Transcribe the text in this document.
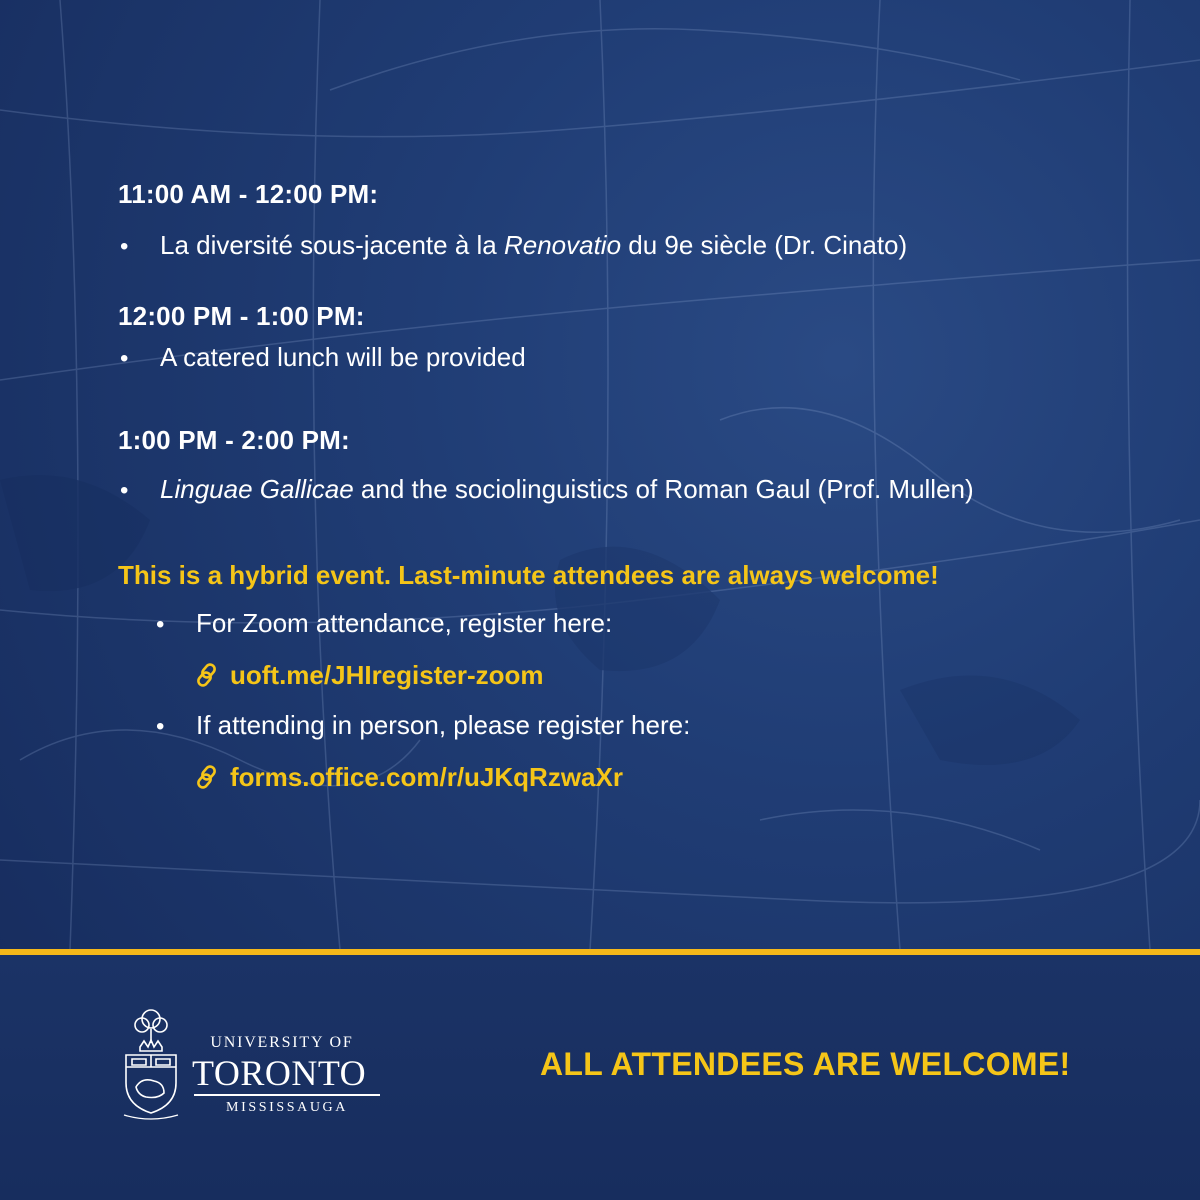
11:00 AM - 12:00 PM:
•	La diversité sous-jacente à la Renovatio du 9e siècle (Dr. Cinato)
12:00 PM - 1:00 PM:
•	A catered lunch will be provided
1:00 PM - 2:00 PM:
•	Linguae Gallicae and the sociolinguistics of Roman Gaul (Prof. Mullen)
This is a hybrid event. Last-minute attendees are always welcome!
•	For Zoom attendance, register here:
uoft.me/JHIregister-zoom
•	If attending in person, please register here:
forms.office.com/r/uJKqRzwaXr
UNIVERSITY OF
TORONTO
MISSISSAUGA
ALL ATTENDEES ARE WELCOME!
